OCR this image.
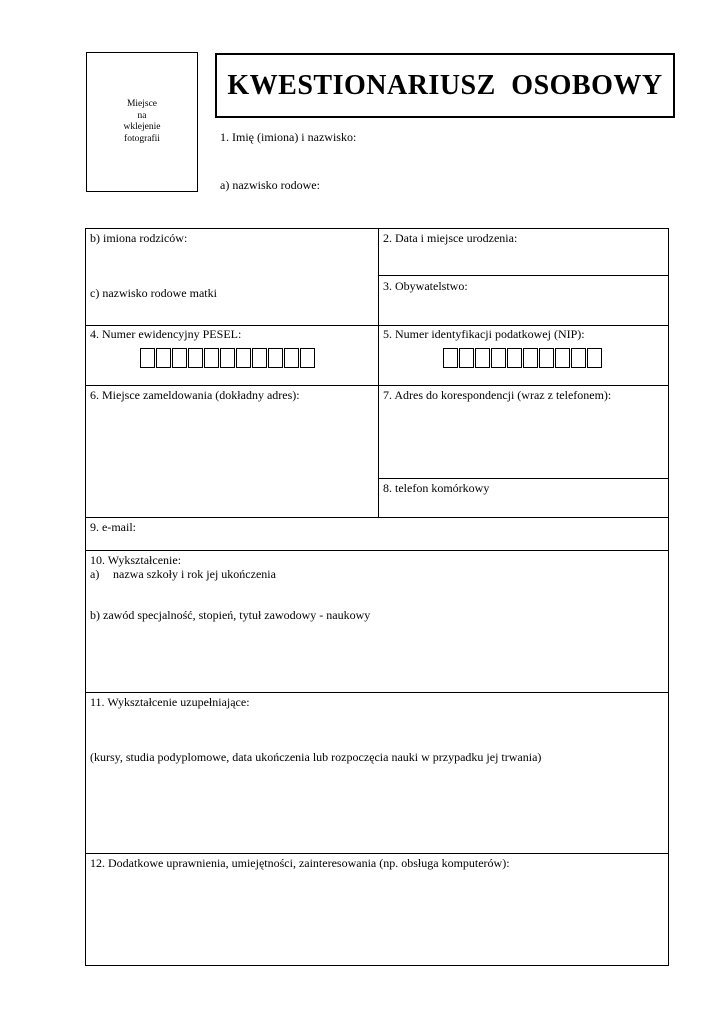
Miejsce
na
wklejenie
fotografii
KWESTIONARIUSZ OSOBOWY
1. Imię (imiona) i nazwisko:
a) nazwisko rodowe:
b) imiona rodziców:
c) nazwisko rodowe matki
2. Data i miejsce urodzenia:
3. Obywatelstwo:
4. Numer ewidencyjny PESEL:	5. Numer identyfikacji podatkowej (NIP):
6. Miejsce zameldowania (dokładny adres):	7. Adres do korespondencji (wraz z telefonem):
8. telefon komórkowy
9. e-mail:
10. Wykształcenie:
a) nazwa szkoły i rok jej ukończenia
b) zawód specjalność, stopień, tytuł zawodowy - naukowy
11. Wykształcenie uzupełniające:
(kursy, studia podyplomowe, data ukończenia lub rozpoczęcia nauki w przypadku jej trwania)
12. Dodatkowe uprawnienia, umiejętności, zainteresowania (np. obsługa komputerów):
